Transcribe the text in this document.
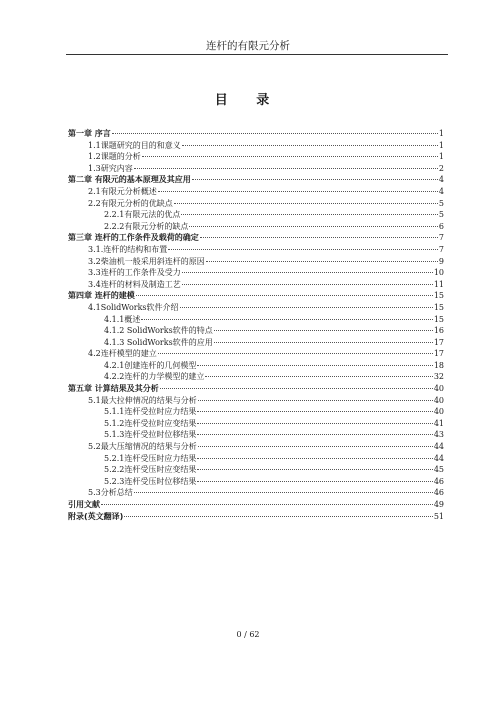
连杆的有限元分析
目 录
第一章 序言	1
1.1课题研究的目的和意义	1
1.2课题的分析	1
1.3研究内容	2
第二章 有限元的基本原理及其应用	4
2.1有限元分析概述	4
2.2有限元分析的优缺点	5
2.2.1有限元法的优点	5
2.2.2有限元分析的缺点	6
第三章 连杆的工作条件及载荷的确定	7
3.1.连杆的结构和布置	7
3.2柴油机一般采用斜连杆的原因	9
3.3连杆的工作条件及受力	10
3.4连杆的材料及制造工艺	11
第四章 连杆的建模	15
4.1SolidWorks软件介绍	15
4.1.1概述	15
4.1.2 SolidWorks软件的特点	16
4.1.3 SolidWorks软件的应用	17
4.2连杆模型的建立	17
4.2.1创建连杆的几何模型	18
4.2.2连杆的力学模型的建立	32
第五章 计算结果及其分析	40
5.1最大拉伸情况的结果与分析	40
5.1.1连杆受拉时应力结果	40
5.1.2连杆受拉时应变结果	41
5.1.3连杆受拉时位移结果	43
5.2最大压缩情况的结果与分析	44
5.2.1连杆受压时应力结果	44
5.2.2连杆受压时应变结果	45
5.2.3连杆受压时位移结果	46
5.3分析总结	46
引用文献	49
附录(英文翻译)	51
0 / 62
